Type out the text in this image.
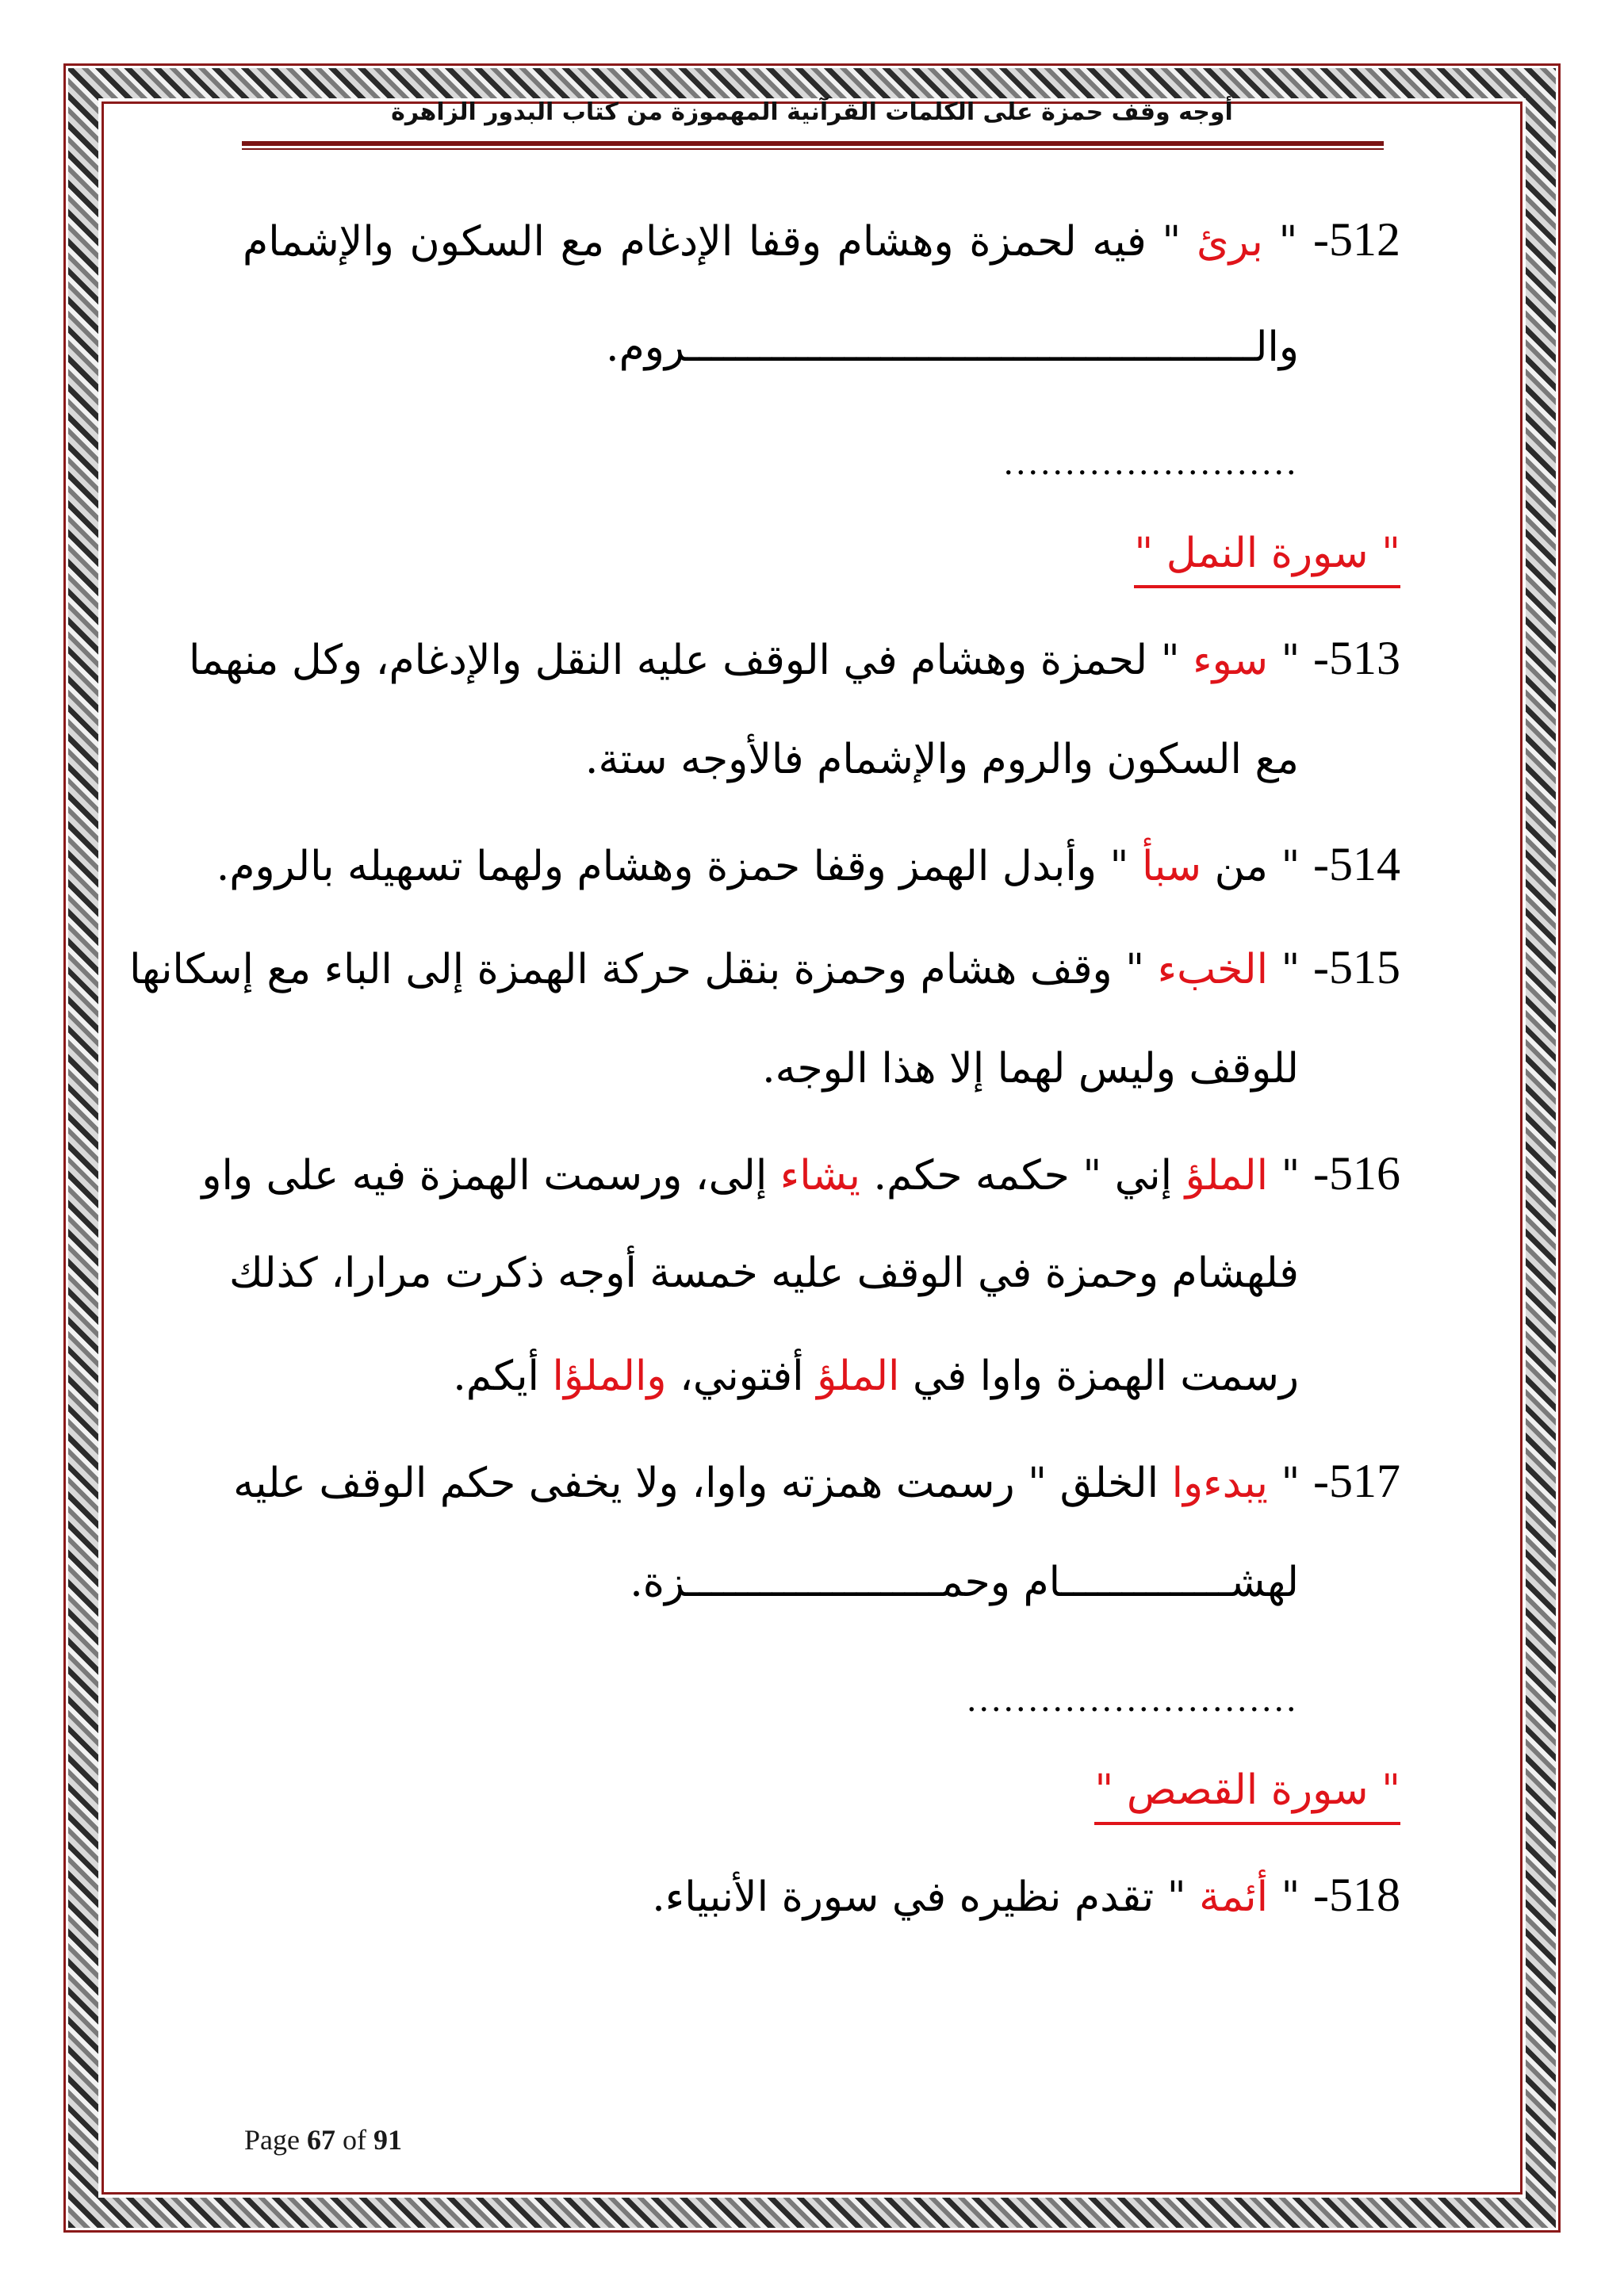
أوجه وقف حمزة على الكلمات القرآنية المهموزة من كتاب البدور الزاهرة
512- " برئ " فيه لحمزة وهشام وقفا الإدغام مع السكون والإشمام
والـــــــــــــــــــــــــــــــــــــــــــــــروم.
........................
" سورة النمل "
513- " سوء " لحمزة وهشام في الوقف عليه النقل والإدغام، وكل منهما
مع السكون والروم والإشمام فالأوجه ستة.
514- " من سبأ " وأبدل الهمز وقفا حمزة وهشام ولهما تسهيله بالروم.
515- " الخبء " وقف هشام وحمزة بنقل حركة الهمزة إلى الباء مع إسكانها
للوقف وليس لهما إلا هذا الوجه.
516- " الملؤ إني " حكمه حكم. يشاء إلى، ورسمت الهمزة فيه على واو
فلهشام وحمزة في الوقف عليه خمسة أوجه ذكرت مرارا، كذلك
رسمت الهمزة واوا في الملؤ أفتوني، والملؤا أيكم.
517- " يبدءوا الخلق " رسمت همزته واوا، ولا يخفى حكم الوقف عليه
لهشــــــــــــــام وحمـــــــــــــــــــــزة.
...........................
" سورة القصص "
518- " أئمة " تقدم نظيره في سورة الأنبياء.
Page 67 of 91
